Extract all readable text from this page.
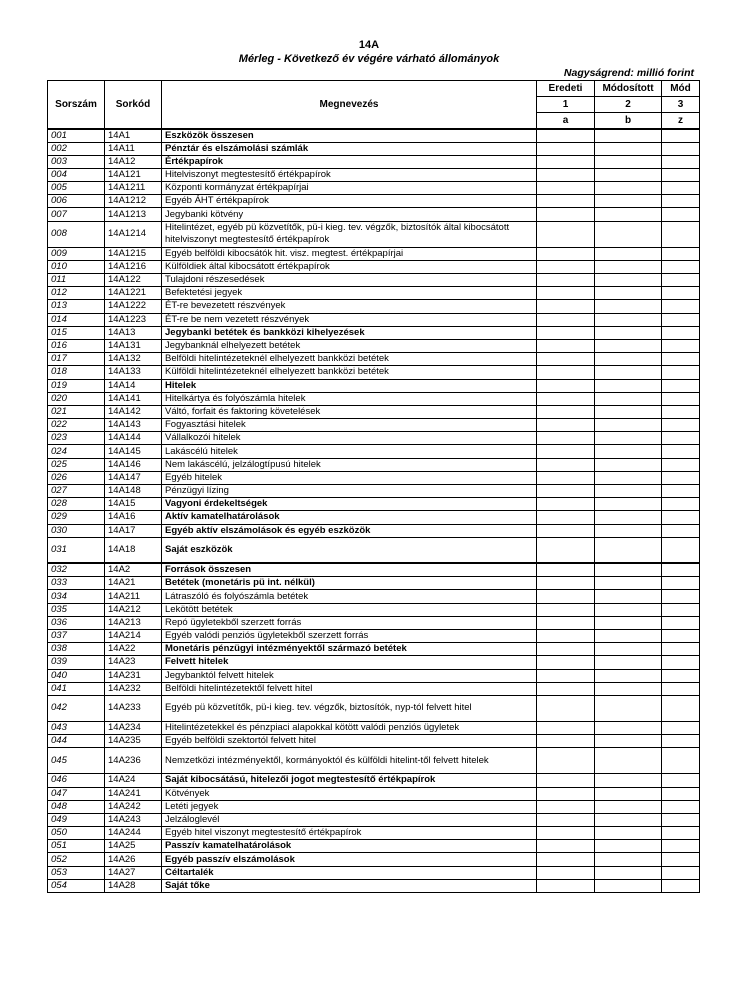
14A
Mérleg - Következő év végére várható állományok
Nagyságrend: millió forint
Sorszám	Sorkód	Megnevezés	Eredeti	Módosított	Mód
			1	2	3
			a	b	z
001	14A1	Eszközök összesen			
002	14A11	Pénztár és elszámolási számlák			
003	14A12	Értékpapírok			
004	14A121	Hitelviszonyt megtestesítő értékpapírok			
005	14A1211	Központi kormányzat értékpapírjai			
006	14A1212	Egyéb ÁHT értékpapírok			
007	14A1213	Jegybanki kötvény			
008	14A1214	Hitelintézet, egyéb pü közvetítők, pü-i kieg. tev. végzők, biztosítók által kibocsátott hitelviszonyt megtestesítő értékpapírok			
009	14A1215	Egyéb belföldi kibocsátók hit. visz. megtest. értékpapírjai			
010	14A1216	Külföldiek által kibocsátott értékpapírok			
011	14A122	Tulajdoni részesedések			
012	14A1221	Befektetési jegyek			
013	14A1222	ÉT-re bevezetett részvények			
014	14A1223	ÉT-re be nem vezetett részvények			
015	14A13	Jegybanki betétek és bankközi kihelyezések			
016	14A131	Jegybanknál elhelyezett betétek			
017	14A132	Belföldi hitelintézeteknél elhelyezett bankközi betétek			
018	14A133	Külföldi hitelintézeteknél elhelyezett bankközi betétek			
019	14A14	Hitelek			
020	14A141	Hitelkártya és folyószámla hitelek			
021	14A142	Váltó, forfait és faktoring követelések			
022	14A143	Fogyasztási hitelek			
023	14A144	Vállalkozói hitelek			
024	14A145	Lakáscélú hitelek			
025	14A146	Nem lakáscélú, jelzálogtípusú hitelek			
026	14A147	Egyéb hitelek			
027	14A148	Pénzügyi lízing			
028	14A15	Vagyoni érdekeltségek			
029	14A16	Aktív kamatelhatárolások			
030	14A17	Egyéb aktív elszámolások és egyéb eszközök			
031	14A18	Saját eszközök			
032	14A2	Források összesen			
033	14A21	Betétek (monetáris pü int. nélkül)			
034	14A211	Látraszóló és folyószámla betétek			
035	14A212	Lekötött betétek			
036	14A213	Repó ügyletekből szerzett forrás			
037	14A214	Egyéb valódi penziós ügyletekből szerzett forrás			
038	14A22	Monetáris pénzügyi intézményektől származó betétek			
039	14A23	Felvett hitelek			
040	14A231	Jegybanktól felvett hitelek			
041	14A232	Belföldi hitelintézetektől felvett hitel			
042	14A233	Egyéb pü közvetítők, pü-i kieg. tev. végzők, biztosítók, nyp-tól felvett hitel			
043	14A234	Hitelintézetekkel és pénzpiaci alapokkal kötött valódi penziós ügyletek			
044	14A235	Egyéb belföldi szektortól felvett hitel			
045	14A236	Nemzetközi intézményektől, kormányoktól és külföldi hitelint-től felvett hitelek			
046	14A24	Saját kibocsátású, hitelezői jogot megtestesítő értékpapírok			
047	14A241	Kötvények			
048	14A242	Letéti jegyek			
049	14A243	Jelzáloglevél			
050	14A244	Egyéb hitel viszonyt megtestesítő értékpapírok			
051	14A25	Passzív kamatelhatárolások			
052	14A26	Egyéb passzív elszámolások			
053	14A27	Céltartalék			
054	14A28	Saját tőke			
